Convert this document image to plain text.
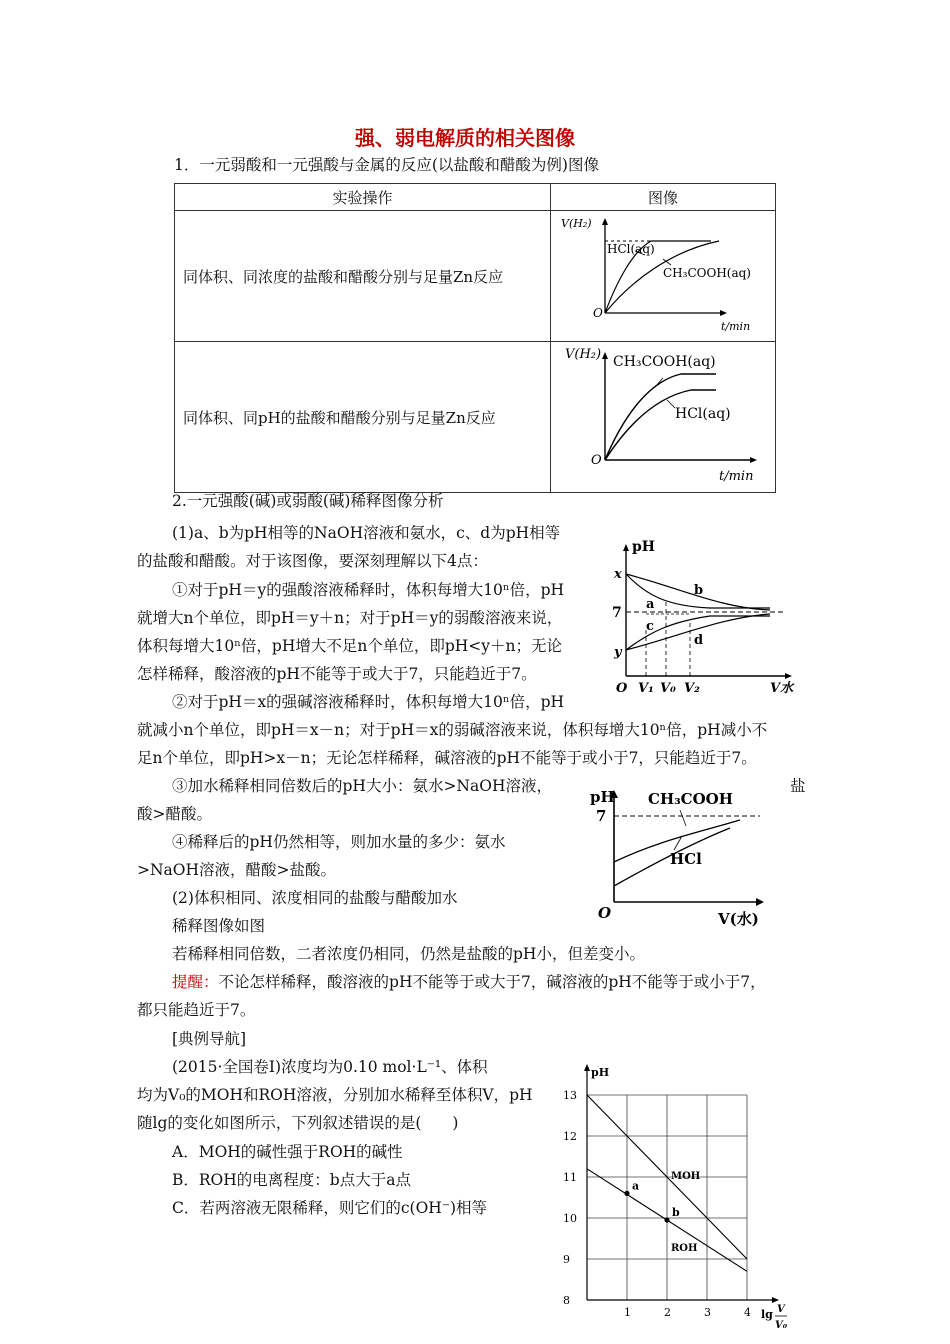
强、弱电解质的相关图像
1．一元弱酸和一元强酸与金属的反应(以盐酸和醋酸为例)图像
实验操作	图像
同体积、同浓度的盐酸和醋酸分别与足量Zn反应	V(H₂)
HCl(aq)
CH₃COOH(aq)
O
t/min

同体积、同pH的盐酸和醋酸分别与足量Zn反应	V(H₂) CH₃COOH(aq)
HCl(aq)
O
t/min
2.一元强酸(碱)或弱酸(碱)稀释图像分析
(1)a、b为pH相等的NaOH溶液和氨水，c、d为pH相等
的盐酸和醋酸。对于该图像，要深刻理解以下4点：
①对于pH＝y的强酸溶液稀释时，体积每增大10ⁿ倍，pH
就增大n个单位，即pH＝y＋n；对于pH＝y的弱酸溶液来说，
体积每增大10ⁿ倍，pH增大不足n个单位，即pH<y＋n；无论
怎样稀释，酸溶液的pH不能等于或大于7，只能趋近于7。
②对于pH＝x的强碱溶液稀释时，体积每增大10ⁿ倍，pH
就减小n个单位，即pH＝x－n；对于pH＝x的弱碱溶液来说，体积每增大10ⁿ倍，pH减小不
足n个单位，即pH>x－n；无论怎样稀释，碱溶液的pH不能等于或小于7，只能趋近于7。
③加水稀释相同倍数后的pH大小：氨水>NaOH溶液，	盐
酸>醋酸。
④稀释后的pH仍然相等，则加水量的多少：氨水
>NaOH溶液，醋酸>盐酸。
(2)体积相同、浓度相同的盐酸与醋酸加水
稀释图像如图
若稀释相同倍数，二者浓度仍相同，仍然是盐酸的pH小，但差变小。
提醒：不论怎样稀释，酸溶液的pH不能等于或大于7，碱溶液的pH不能等于或小于7，
都只能趋近于7。
pH
x
7
y
b
a
c
d
O V₁ V₀ V₂	V水
pH
7
CH₃COOH
HCl
O	V(水)
[典例导航]
(2015·全国卷Ⅰ)浓度均为0.10 mol·L⁻¹、体积
均为V₀的MOH和ROH溶液，分别加水稀释至体积V，pH
随lg的变化如图所示，下列叙述错误的是(　　)
A．MOH的碱性强于ROH的碱性
B．ROH的电离程度：b点大于a点
C．若两溶液无限稀释，则它们的c(OH⁻)相等
MOH
ROH
a
b
8
9
10
11
12
13
1	2	3	4
pH
lg V
V₀
